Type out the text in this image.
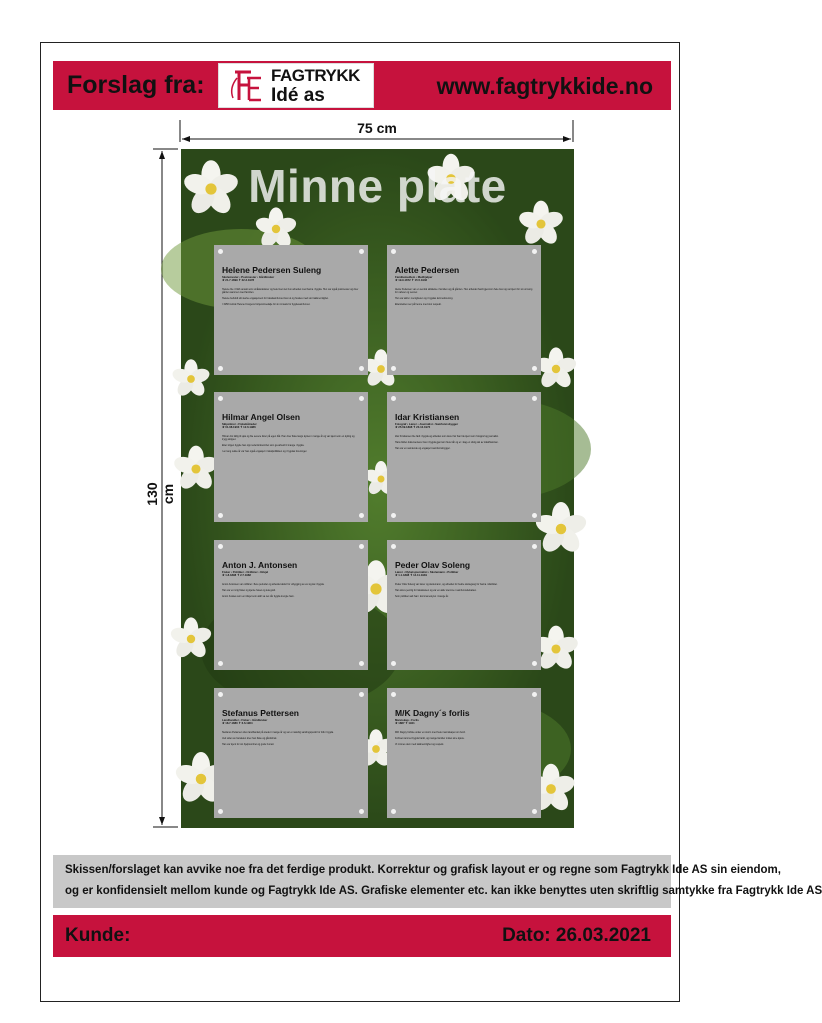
Forslag fra:	www.fagtrykkide.no
FAGTRYKK
Idé as
75 cm
130 cm
Minne plate
Helene Pedersen Suleng
Skolemester • Postmester • Gårdbruker
★ 21.7.1899 ✝ 22.3.1978

Helene ble i 1921 ansatt som småskolelærer og hele livet viet hun arbeidet med barna i bygda. Hun var også postmester og drev gården sammen med familien.

Helene beholdt sitt sterke engasjement for lokalsamfunnet livet ut og huskes med stor takknemlighet.

I 1958 mottok Helene Kongens fortjenstmedalje for sin innsats for bygdesamfunnet.

Alette Pedersen
Familiemedlem • Medhjelper
★ 19.9.1872 ✝ 15.5.1932

Alette Pedersen var en sentral skikkelse i familien og på gården. Hun arbeidet hardt gjennom hele livet og var kjent for sin omsorg for naboer og venner.

Hun var aktiv i menigheten og i bygdas kvinneforening.

Etterslekten ser på henne med stor respekt.

Hilmar Angel Olsen
Skipsfører • Fiskebåtreder
★ 01.08.1903 ✝ 12.6.1986

Hilmar dro tidlig til sjøs og ble senere fører på egen båt. Han drev fiske langs kysten i mange år og var kjent som en dyktig og trygg skipper.

Etter krigen bygde han opp rederivirksomhet som ga arbeid til mange i bygda.

I en lang rekke år var han også engasjert i lokalpolitikken og i bygdas foreninger.

Idar Kristiansen
Fotograf • Lærer • Journalist • Samfunnsbygger
★ 25.09.1898 ✝ 23.12.1972

Idar Kristiansen ble født i bygda og arbeidet som lærer før han ble kjent som fotograf og journalist.

Hans bilder dokumenterer livet i bygda gjennom flere tiår og er i dag en viktig del av lokalhistorien.

Han var en samlende og engasjert samfunnsbygger.

Anton J. Antonsen
Fisker • Politiker • Ordfører • Ildsjel
★ 1.8.1898 ✝ 2.7.1982

Anton Antonsen var ordfører i flere perioder og arbeidet aktivt for utbygging av vei og kai i bygda.

Han var en ivrig fisker og kjente havet og leia godt.

Anton huskes som en ildsjel som aldri sa nei når bygda trengte ham.

Peder Olav Soleng
Lærer • Nyhetsjournalist • Skolemann • Politiker
★ 1.1.1898 ✝ 14.11.1949

Peder Olav Soleng var lærer og skolemann, og arbeidet for bedre skolegang for barna i distriktet.

Han skrev jevnlig for lokalavisen og var en aktiv stemme i samfunnsdebatten.

Som politiker satt han i kommunestyret i mange år.

Stefanus Pettersen
Landhandler • Fisker • Gårdbruker
★ 18.7.1880 ✝ 6.6.1964

Stefanus Pettersen drev landhandel på stedet i mange år og var et naturlig samlingspunkt for folk i bygda.

Ved siden av handelen drev han fiske og gårdsbruk.

Han var kjent for sin hjelpsomhet og gode humør.

M/K Dagny´s forlis
Mannskap • Forlis
★ 1887 ✝ 1941

M/K Dagny forliste under en storm med hele mannskapet om bord.

Forliset rammet bygda hardt, og mange familier mistet sine kjære.

Vi minnes dem med takknemlighet og respekt.

Skissen/forslaget kan avvike noe fra det ferdige produkt. Korrektur og grafisk layout er og regne som Fagtrykk Ide AS sin eiendom,
og er konfidensielt mellom kunde og Fagtrykk Ide AS. Grafiske elementer etc. kan ikke benyttes uten skriftlig samtykke fra Fagtrykk Ide AS
Kunde:	Dato: 26.03.2021
